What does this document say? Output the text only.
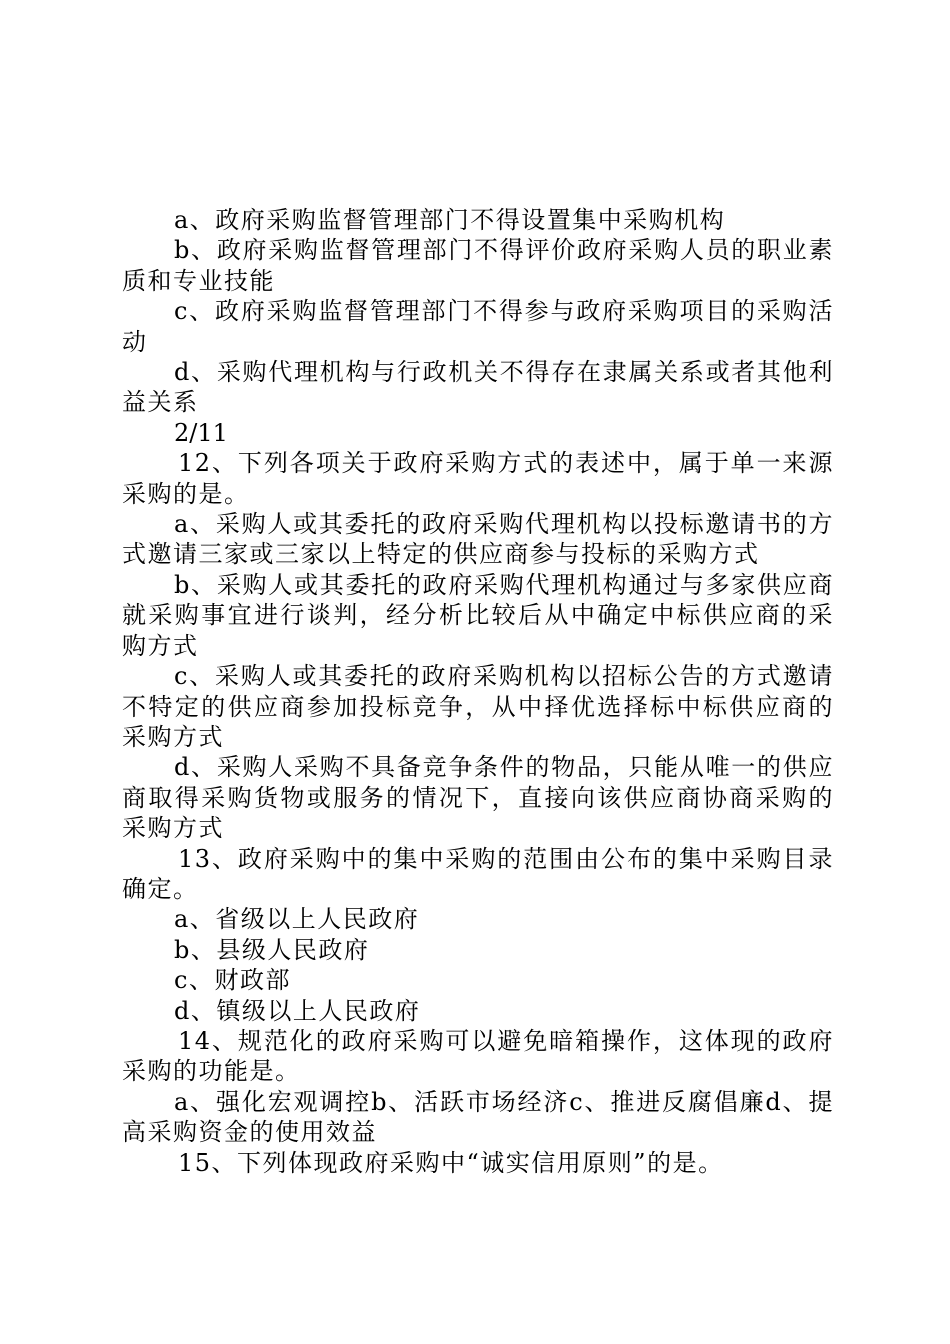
a、政府采购监督管理部门不得设置集中采购机构

b、政府采购监督管理部门不得评价政府采购人员的职业素质和专业技能

c、政府采购监督管理部门不得参与政府采购项目的采购活动

d、采购代理机构与行政机关不得存在隶属关系或者其他利益关系

2/11

12、下列各项关于政府采购方式的表述中，属于单一来源采购的是。

a、采购人或其委托的政府采购代理机构以投标邀请书的方式邀请三家或三家以上特定的供应商参与投标的采购方式

b、采购人或其委托的政府采购代理机构通过与多家供应商就采购事宜进行谈判，经分析比较后从中确定中标供应商的采购方式

c、采购人或其委托的政府采购机构以招标公告的方式邀请不特定的供应商参加投标竞争，从中择优选择标中标供应商的采购方式

d、采购人采购不具备竞争条件的物品，只能从唯一的供应商取得采购货物或服务的情况下，直接向该供应商协商采购的采购方式

13、政府采购中的集中采购的范围由公布的集中采购目录确定。

a、省级以上人民政府

b、县级人民政府

c、财政部

d、镇级以上人民政府

14、规范化的政府采购可以避免暗箱操作，这体现的政府采购的功能是。

a、强化宏观调控b、活跃市场经济c、推进反腐倡廉d、提高采购资金的使用效益

15、下列体现政府采购中“诚实信用原则”的是。
